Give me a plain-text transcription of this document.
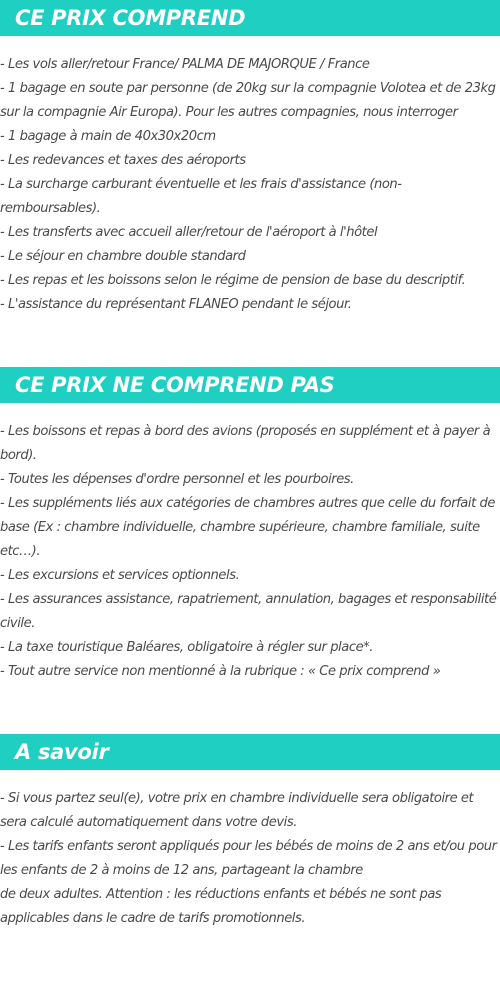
CE PRIX COMPREND

- Les vols aller/retour France/ PALMA DE MAJORQUE / France

- 1 bagage en soute par personne (de 20kg sur la compagnie Volotea et de 23kg sur la compagnie Air Europa). Pour les autres compagnies, nous interroger

- 1 bagage à main de 40x30x20cm

- Les redevances et taxes des aéroports

- La surcharge carburant éventuelle et les frais d'assistance (non-remboursables).

- Les transferts avec accueil aller/retour de l'aéroport à l'hôtel

- Le séjour en chambre double standard

- Les repas et les boissons selon le régime de pension de base du descriptif.

- L'assistance du représentant FLANEO pendant le séjour.

CE PRIX NE COMPREND PAS

- Les boissons et repas à bord des avions (proposés en supplément et à payer à bord).

- Toutes les dépenses d'ordre personnel et les pourboires.

- Les suppléments liés aux catégories de chambres autres que celle du forfait de base (Ex : chambre individuelle, chambre supérieure, chambre familiale, suite etc…).

- Les excursions et services optionnels.

- Les assurances assistance, rapatriement, annulation, bagages et responsabilité civile.

- La taxe touristique Baléares, obligatoire à régler sur place*.

- Tout autre service non mentionné à la rubrique : « Ce prix comprend »

A savoir

- Si vous partez seul(e), votre prix en chambre individuelle sera obligatoire et sera calculé automatiquement dans votre devis.

- Les tarifs enfants seront appliqués pour les bébés de moins de 2 ans et/ou pour les enfants de 2 à moins de 12 ans, partageant la chambre

de deux adultes. Attention : les réductions enfants et bébés ne sont pas applicables dans le cadre de tarifs promotionnels.
